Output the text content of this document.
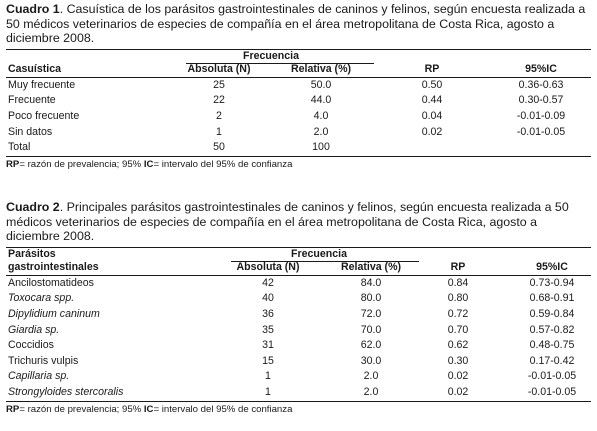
Cuadro 1. Casuística de los parásitos gastrointestinales de caninos y felinos, según encuesta realizada a 50 médicos veterinarios de especies de compañía en el área metropolitana de Costa Rica, agosto a diciembre 2008.

Frecuencia
Casuística	Absoluta (N)	Relativa (%)	RP	95%IC
Muy frecuente	25	50.0	0.50	0.36-0.63
Frecuente	22	44.0	0.44	0.30-0.57
Poco frecuente	2	4.0	0.04	-0.01-0.09
Sin datos	1	2.0	0.02	-0.01-0.05
Total	50	100

RP= razón de prevalencia; 95% IC= intervalo del 95% de confianza

Cuadro 2. Principales parásitos gastrointestinales de caninos y felinos, según encuesta realizada a 50 médicos veterinarios de especies de compañía en el área metropolitana de Costa Rica, agosto a diciembre 2008.

Parásitos	Frecuencia
gastrointestinales	Absoluta (N)	Relativa (%)	RP	95%IC
Ancilostomatideos	42	84.0	0.84	0.73-0.94
Toxocara spp.	40	80.0	0.80	0.68-0.91
Dipylidium caninum	36	72.0	0.72	0.59-0.84
Giardia sp.	35	70.0	0.70	0.57-0.82
Coccidios	31	62.0	0.62	0.48-0.75
Trichuris vulpis	15	30.0	0.30	0.17-0.42
Capillaria sp.	1	2.0	0.02	-0.01-0.05
Strongyloides stercoralis	1	2.0	0.02	-0.01-0.05

RP= razón de prevalencia; 95% IC= intervalo del 95% de confianza
